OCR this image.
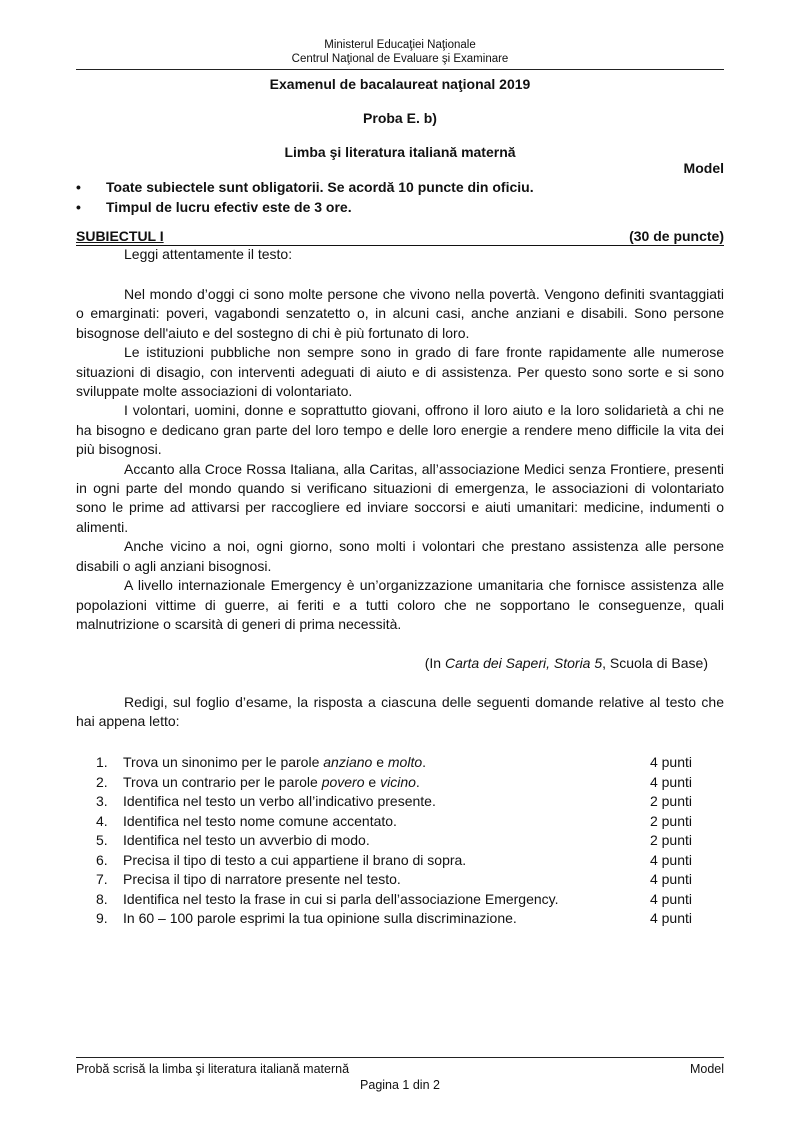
Ministerul Educaţiei Naţionale
Centrul Naţional de Evaluare şi Examinare
Examenul de bacalaureat naţional 2019
Proba E. b)
Limba şi literatura italiană maternă
Model
• Toate subiectele sunt obligatorii. Se acordă 10 puncte din oficiu.
• Timpul de lucru efectiv este de 3 ore.
SUBIECTUL I	(30 de puncte)
Leggi attentamente il testo:

Nel mondo d’oggi ci sono molte persone che vivono nella povertà. Vengono definiti svantaggiati o emarginati: poveri, vagabondi senzatetto o, in alcuni casi, anche anziani e disabili. Sono persone bisognose dell'aiuto e del sostegno di chi è più fortunato di loro.

Le istituzioni pubbliche non sempre sono in grado di fare fronte rapidamente alle numerose situazioni di disagio, con interventi adeguati di aiuto e di assistenza. Per questo sono sorte e si sono sviluppate molte associazioni di volontariato.

I volontari, uomini, donne e soprattutto giovani, offrono il loro aiuto e la loro solidarietà a chi ne ha bisogno e dedicano gran parte del loro tempo e delle loro energie a rendere meno difficile la vita dei più bisognosi.

Accanto alla Croce Rossa Italiana, alla Caritas, all’associazione Medici senza Frontiere, presenti in ogni parte del mondo quando si verificano situazioni di emergenza, le associazioni di volontariato sono le prime ad attivarsi per raccogliere ed inviare soccorsi e aiuti umanitari: medicine, indumenti o alimenti.

Anche vicino a noi, ogni giorno, sono molti i volontari che prestano assistenza alle persone disabili o agli anziani bisognosi.

A livello internazionale Emergency è un’organizzazione umanitaria che fornisce assistenza alle popolazioni vittime di guerre, ai feriti e a tutti coloro che ne sopportano le conseguenze, quali malnutrizione o scarsità di generi di prima necessità.

(In Carta dei Saperi, Storia 5, Scuola di Base)

Redigi, sul foglio d’esame, la risposta a ciascuna delle seguenti domande relative al testo che hai appena letto:

1.	Trova un sinonimo per le parole anziano e molto.	4 punti
2.	Trova un contrario per le parole povero e vicino.	4 punti
3.	Identifica nel testo un verbo all’indicativo presente.	2 punti
4.	Identifica nel testo nome comune accentato.	2 punti
5.	Identifica nel testo un avverbio di modo.	2 punti
6.	Precisa il tipo di testo a cui appartiene il brano di sopra.	4 punti
7.	Precisa il tipo di narratore presente nel testo.	4 punti
8.	Identifica nel testo la frase in cui si parla dell’associazione Emergency.	4 punti
9.	In 60 – 100 parole esprimi la tua opinione sulla discriminazione.	4 punti
Probă scrisă la limba şi literatura italiană maternă	Model
Pagina 1 din 2
